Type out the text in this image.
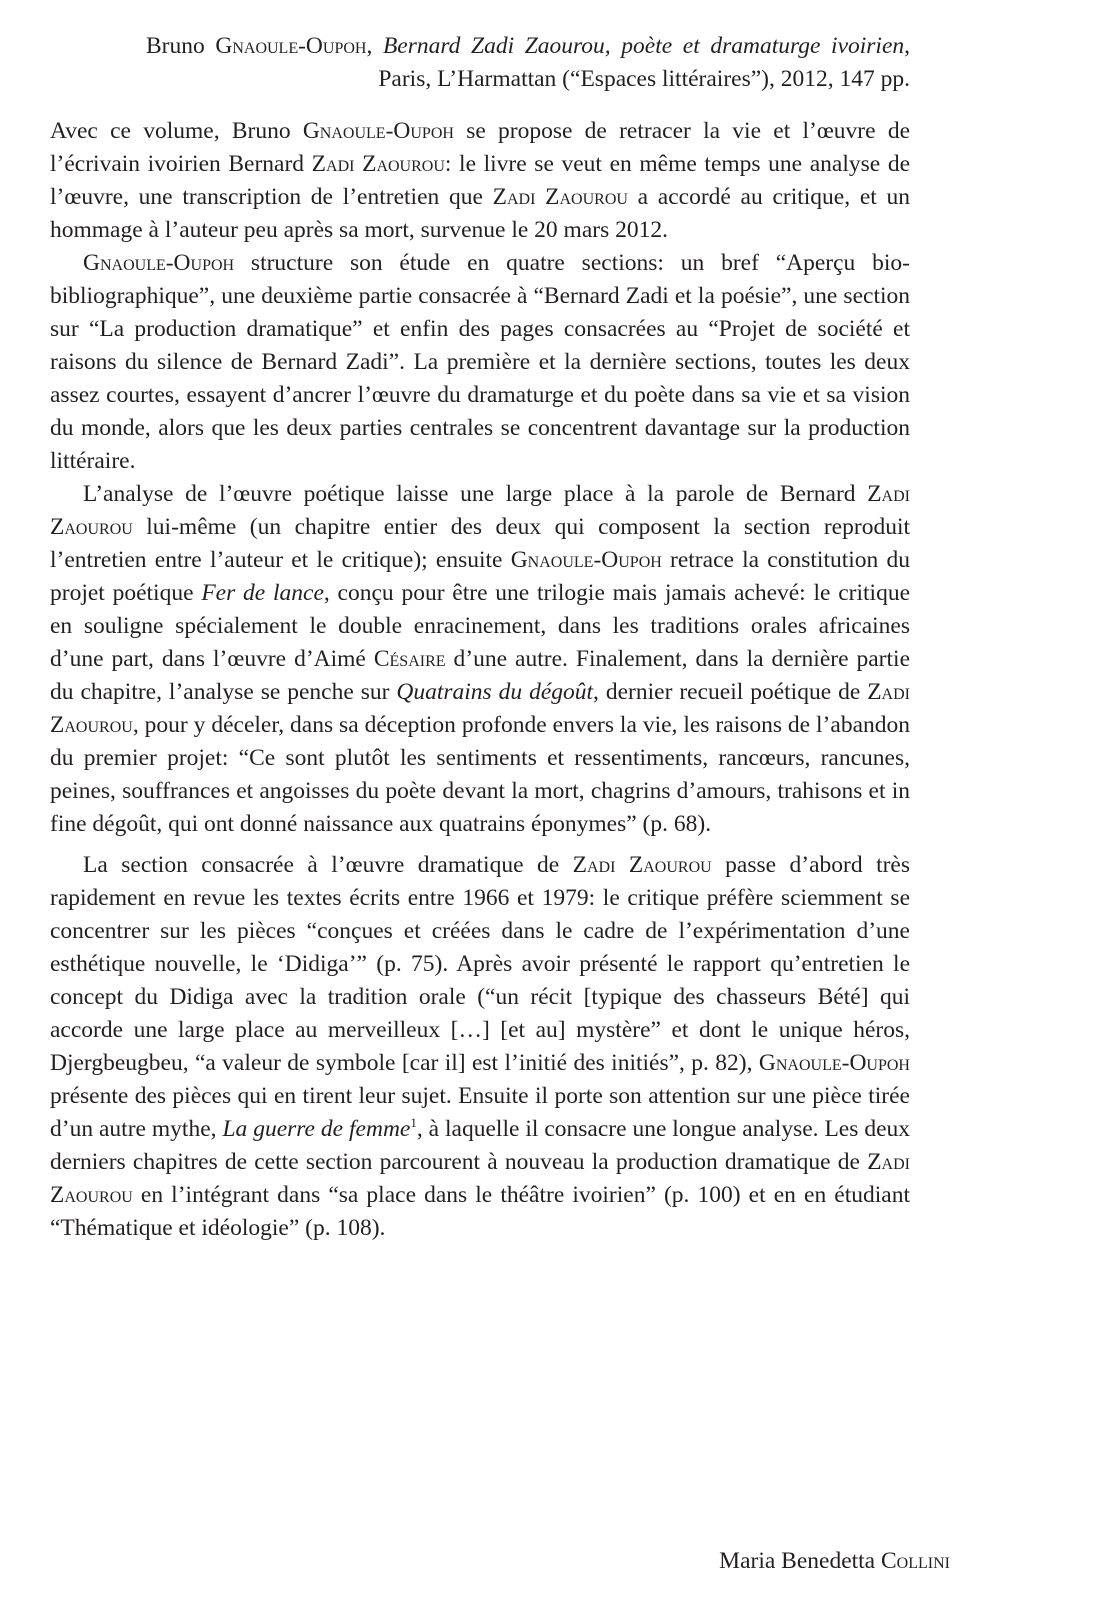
Bruno Gnaoule-Oupoh, Bernard Zadi Zaourou, poète et dramaturge ivoirien,
Paris, L’Harmattan (“Espaces littéraires”), 2012, 147 pp.

Avec ce volume, Bruno Gnaoule-Oupoh se propose de retracer la vie et l’œuvre de l’écrivain ivoirien Bernard Zadi Zaourou: le livre se veut en même temps une analyse de l’œuvre, une transcription de l’entretien que Zadi Zaourou a accordé au critique, et un hommage à l’auteur peu après sa mort, survenue le 20 mars 2012.

Gnaoule-Oupoh structure son étude en quatre sections: un bref “Aperçu bio-bibliographique”, une deuxième partie consacrée à “Bernard Zadi et la poésie”, une section sur “La production dramatique” et enfin des pages consacrées au “Projet de société et raisons du silence de Bernard Zadi”. La première et la dernière sections, toutes les deux assez courtes, essayent d’ancrer l’œuvre du dramaturge et du poète dans sa vie et sa vision du monde, alors que les deux parties centrales se concentrent davantage sur la production littéraire.

L’analyse de l’œuvre poétique laisse une large place à la parole de Bernard Zadi Zaourou lui-même (un chapitre entier des deux qui composent la section reproduit l’entretien entre l’auteur et le critique); ensuite Gnaoule-Oupoh retrace la constitution du projet poétique Fer de lance, conçu pour être une trilogie mais jamais achevé: le critique en souligne spécialement le double enracinement, dans les traditions orales africaines d’une part, dans l’œuvre d’Aimé Césaire d’une autre. Finalement, dans la dernière partie du chapitre, l’analyse se penche sur Quatrains du dégoût, dernier recueil poétique de Zadi Zaourou, pour y déceler, dans sa déception profonde envers la vie, les raisons de l’abandon du premier projet: “Ce sont plutôt les sentiments et ressentiments, rancœurs, rancunes, peines, souffrances et angoisses du poète devant la mort, chagrins d’amours, trahisons et in fine dégoût, qui ont donné naissance aux quatrains éponymes” (p. 68).

La section consacrée à l’œuvre dramatique de Zadi Zaourou passe d’abord très rapidement en revue les textes écrits entre 1966 et 1979: le critique préfère sciemment se concentrer sur les pièces “conçues et créées dans le cadre de l’expérimentation d’une esthétique nouvelle, le ‘Didiga’” (p. 75). Après avoir présenté le rapport qu’entretien le concept du Didiga avec la tradition orale (“un récit [typique des chasseurs Bété] qui accorde une large place au merveilleux […] [et au] mystère” et dont le unique héros, Djergbeugbeu, “a valeur de symbole [car il] est l’initié des initiés”, p. 82), Gnaoule-Oupoh présente des pièces qui en tirent leur sujet. Ensuite il porte son attention sur une pièce tirée d’un autre mythe, La guerre de femme$^1$, à laquelle il consacre une longue analyse. Les deux derniers chapitres de cette section parcourent à nouveau la production dramatique de Zadi Zaourou en l’intégrant dans “sa place dans le théâtre ivoirien” (p. 100) et en en étudiant “Thématique et idéologie” (p. 108).

Maria Benedetta Collini
